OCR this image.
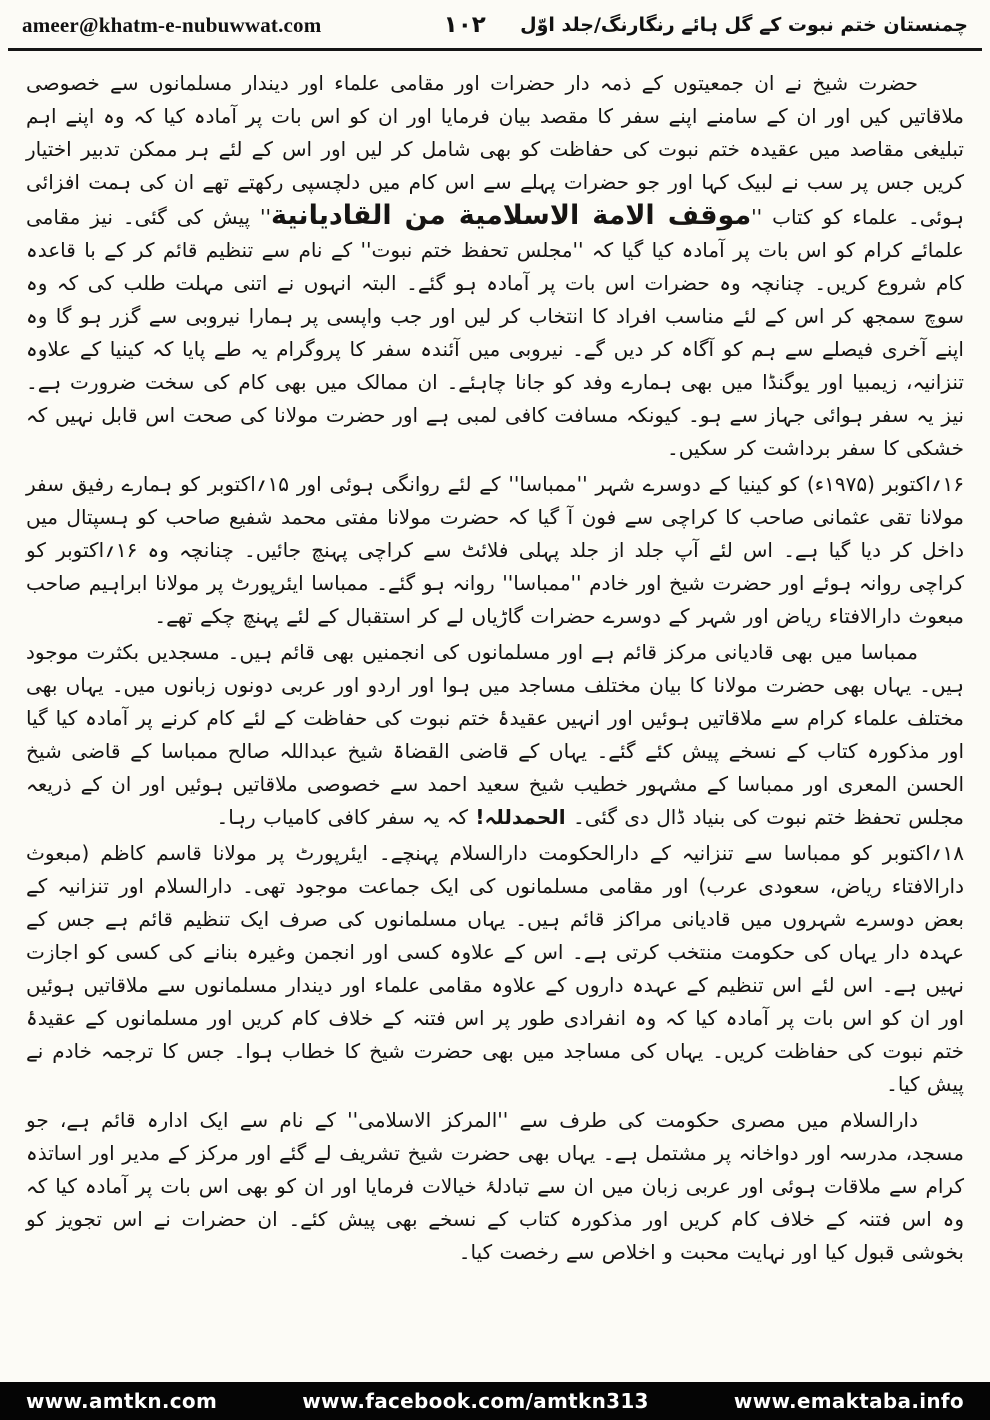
ameer@khatm-e-nubuwwat.com	۱۰۲ چمنستان ختم نبوت کے گل ہائے رنگارنگ/جلد اوّل

حضرت شیخ نے ان جمعیتوں کے ذمہ دار حضرات اور مقامی علماء اور دیندار مسلمانوں سے خصوصی ملاقاتیں کیں اور ان کے سامنے اپنے سفر کا مقصد بیان فرمایا اور ان کو اس بات پر آمادہ کیا کہ وہ اپنے اہم تبلیغی مقاصد میں عقیدہ ختم نبوت کی حفاظت کو بھی شامل کر لیں اور اس کے لئے ہر ممکن تدبیر اختیار کریں جس پر سب نے لبیک کہا اور جو حضرات پہلے سے اس کام میں دلچسپی رکھتے تھے ان کی ہمت افزائی ہوئی۔ علماء کو کتاب ''موقف الامة الاسلامية من القاديانية'' پیش کی گئی۔ نیز مقامی علمائے کرام کو اس بات پر آمادہ کیا گیا کہ ''مجلس تحفظ ختم نبوت'' کے نام سے تنظیم قائم کر کے با قاعدہ کام شروع کریں۔ چنانچہ وہ حضرات اس بات پر آمادہ ہو گئے۔ البتہ انہوں نے اتنی مہلت طلب کی کہ وہ سوچ سمجھ کر اس کے لئے مناسب افراد کا انتخاب کر لیں اور جب واپسی پر ہمارا نیروبی سے گزر ہو گا وہ اپنے آخری فیصلے سے ہم کو آگاہ کر دیں گے۔ نیروبی میں آئندہ سفر کا پروگرام یہ طے پایا کہ کینیا کے علاوہ تنزانیہ، زیمبیا اور یوگنڈا میں بھی ہمارے وفد کو جانا چاہئے۔ ان ممالک میں بھی کام کی سخت ضرورت ہے۔ نیز یہ سفر ہوائی جہاز سے ہو۔ کیونکہ مسافت کافی لمبی ہے اور حضرت مولانا کی صحت اس قابل نہیں کہ خشکی کا سفر برداشت کر سکیں۔

۱۶؍اکتوبر (۱۹۷۵ء) کو کینیا کے دوسرے شہر ''ممباسا'' کے لئے روانگی ہوئی اور ۱۵؍اکتوبر کو ہمارے رفیق سفر مولانا تقی عثمانی صاحب کا کراچی سے فون آ گیا کہ حضرت مولانا مفتی محمد شفیع صاحب کو ہسپتال میں داخل کر دیا گیا ہے۔ اس لئے آپ جلد از جلد پہلی فلائٹ سے کراچی پہنچ جائیں۔ چنانچہ وہ ۱۶؍اکتوبر کو کراچی روانہ ہوئے اور حضرت شیخ اور خادم ''ممباسا'' روانہ ہو گئے۔ ممباسا ایئرپورٹ پر مولانا ابراہیم صاحب مبعوث دارالافتاء ریاض اور شہر کے دوسرے حضرات گاڑیاں لے کر استقبال کے لئے پہنچ چکے تھے۔

ممباسا میں بھی قادیانی مرکز قائم ہے اور مسلمانوں کی انجمنیں بھی قائم ہیں۔ مسجدیں بکثرت موجود ہیں۔ یہاں بھی حضرت مولانا کا بیان مختلف مساجد میں ہوا اور اردو اور عربی دونوں زبانوں میں۔ یہاں بھی مختلف علماء کرام سے ملاقاتیں ہوئیں اور انہیں عقیدۂ ختم نبوت کی حفاظت کے لئے کام کرنے پر آمادہ کیا گیا اور مذکورہ کتاب کے نسخے پیش کئے گئے۔ یہاں کے قاضی القضاۃ شیخ عبداللہ صالح ممباسا کے قاضی شیخ الحسن المعری اور ممباسا کے مشہور خطیب شیخ سعید احمد سے خصوصی ملاقاتیں ہوئیں اور ان کے ذریعہ مجلس تحفظ ختم نبوت کی بنیاد ڈال دی گئی۔ الحمدللہ! کہ یہ سفر کافی کامیاب رہا۔

۱۸؍اکتوبر کو ممباسا سے تنزانیہ کے دارالحکومت دارالسلام پہنچے۔ ایئرپورٹ پر مولانا قاسم کاظم (مبعوث دارالافتاء ریاض، سعودی عرب) اور مقامی مسلمانوں کی ایک جماعت موجود تھی۔ دارالسلام اور تنزانیہ کے بعض دوسرے شہروں میں قادیانی مراکز قائم ہیں۔ یہاں مسلمانوں کی صرف ایک تنظیم قائم ہے جس کے عہدہ دار یہاں کی حکومت منتخب کرتی ہے۔ اس کے علاوہ کسی اور انجمن وغیرہ بنانے کی کسی کو اجازت نہیں ہے۔ اس لئے اس تنظیم کے عہدہ داروں کے علاوہ مقامی علماء اور دیندار مسلمانوں سے ملاقاتیں ہوئیں اور ان کو اس بات پر آمادہ کیا کہ وہ انفرادی طور پر اس فتنہ کے خلاف کام کریں اور مسلمانوں کے عقیدۂ ختم نبوت کی حفاظت کریں۔ یہاں کی مساجد میں بھی حضرت شیخ کا خطاب ہوا۔ جس کا ترجمہ خادم نے پیش کیا۔

دارالسلام میں مصری حکومت کی طرف سے ''المرکز الاسلامی'' کے نام سے ایک ادارہ قائم ہے، جو مسجد، مدرسہ اور دواخانہ پر مشتمل ہے۔ یہاں بھی حضرت شیخ تشریف لے گئے اور مرکز کے مدیر اور اساتذہ کرام سے ملاقات ہوئی اور عربی زبان میں ان سے تبادلۂ خیالات فرمایا اور ان کو بھی اس بات پر آمادہ کیا کہ وہ اس فتنہ کے خلاف کام کریں اور مذکورہ کتاب کے نسخے بھی پیش کئے۔ ان حضرات نے اس تجویز کو بخوشی قبول کیا اور نہایت محبت و اخلاص سے رخصت کیا۔

www.amtkn.com	www.facebook.com/amtkn313	www.emaktaba.info
